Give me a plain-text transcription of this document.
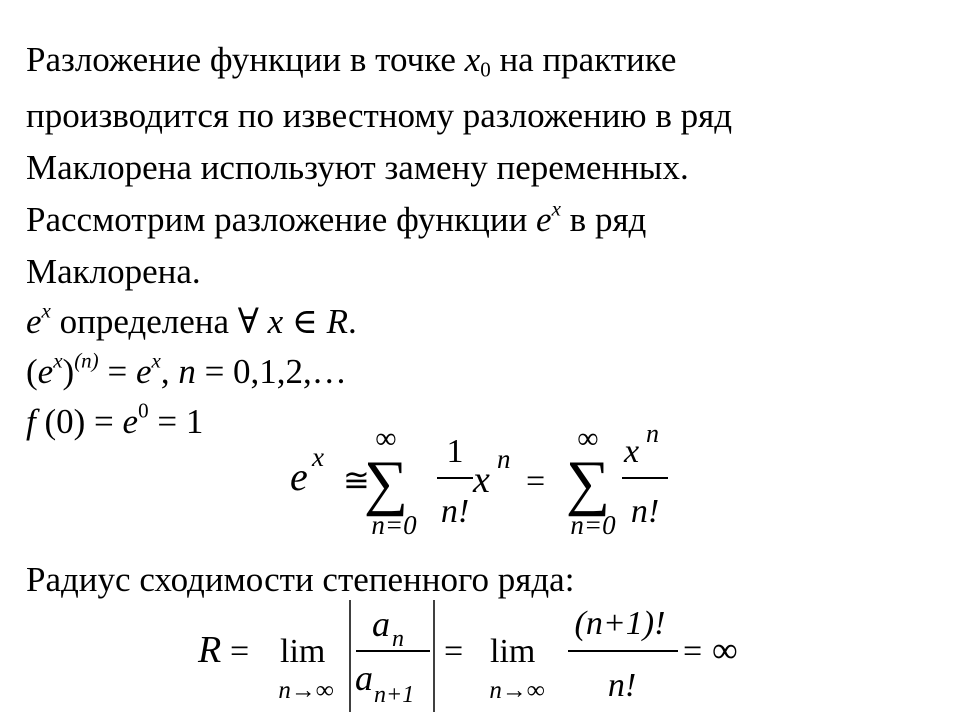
Разложение функции в точке $x_0$ на практике
производится по известному разложению в ряд
Маклорена используют замену переменных.
Рассмотрим разложение функции $e^x$ в ряд
Маклорена.
$e^x$ определена ∀ x ∈ R.
$(e^x)^{(n)} = e^x$, n = 0,1,2,…
f $(0) = e^0 = 1$
Радиус сходимости степенного ряда:
e x
≅
∞
∑
n=0
1
n!
x n
=
∞
∑
n=0
x n
n!
R = lim
n→∞
a n
a n+1
= lim
n→∞
(n+1)!
n!
= ∞
